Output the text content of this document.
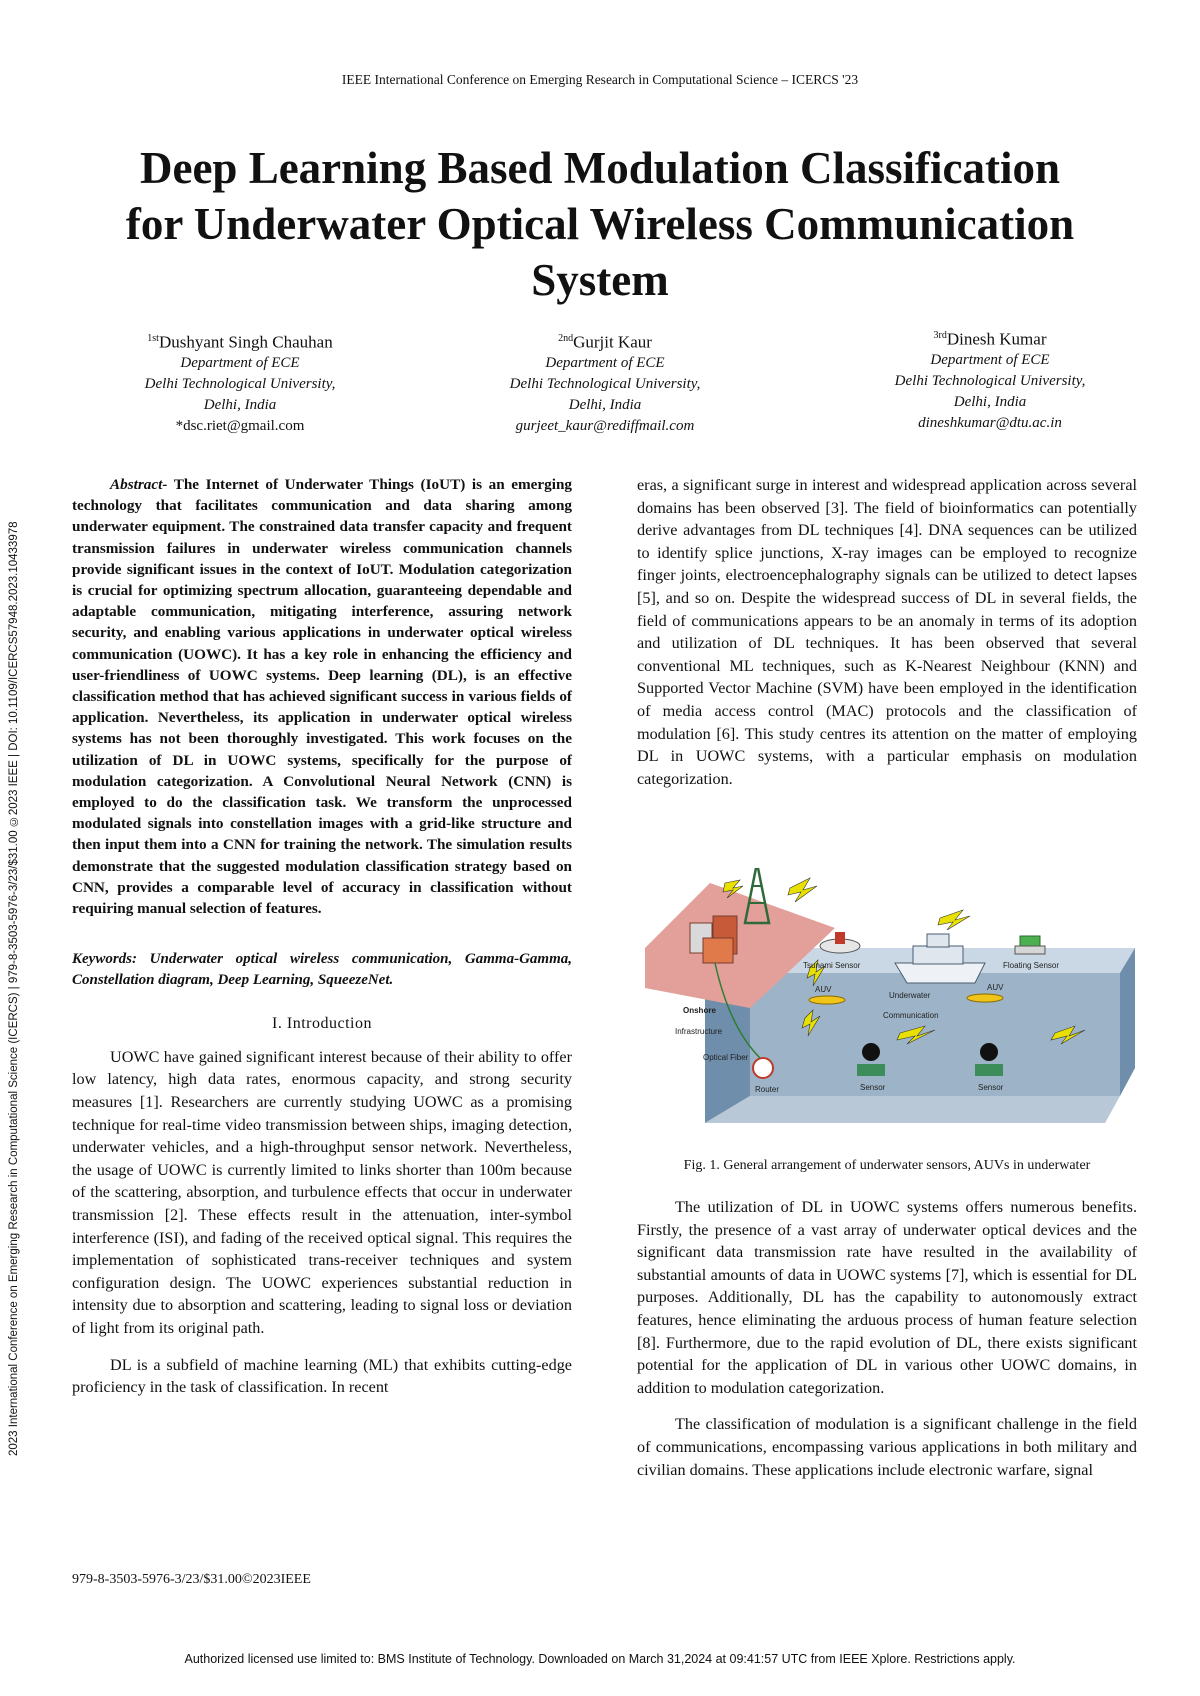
IEEE International Conference on Emerging Research in Computational Science – ICERCS '23
Deep Learning Based Modulation Classification
for Underwater Optical Wireless Communication
System
$^{1st}$Dushyant Singh Chauhan
Department of ECE
Delhi Technological University,
Delhi, India
*dsc.riet@gmail.com
$^{2nd}$Gurjit Kaur
Department of ECE
Delhi Technological University,
Delhi, India
gurjeet_kaur@rediffmail.com
$^{3rd}$Dinesh Kumar
Department of ECE
Delhi Technological University,
Delhi, India
dineshkumar@dtu.ac.in
2023 International Conference on Emerging Research in Computational Science (ICERCS) | 979-8-3503-5976-3/23/$31.00 ©2023 IEEE | DOI: 10.1109/ICERCS57948.2023.10433978

Abstract- The Internet of Underwater Things (IoUT) is an emerging technology that facilitates communication and data sharing among underwater equipment. The constrained data transfer capacity and frequent transmission failures in underwater wireless communication channels provide significant issues in the context of IoUT. Modulation categorization is crucial for optimizing spectrum allocation, guaranteeing dependable and adaptable communication, mitigating interference, assuring network security, and enabling various applications in underwater optical wireless communication (UOWC). It has a key role in enhancing the efficiency and user-friendliness of UOWC systems. Deep learning (DL), is an effective classification method that has achieved significant success in various fields of application. Nevertheless, its application in underwater optical wireless systems has not been thoroughly investigated. This work focuses on the utilization of DL in UOWC systems, specifically for the purpose of modulation categorization. A Convolutional Neural Network (CNN) is employed to do the classification task. We transform the unprocessed modulated signals into constellation images with a grid-like structure and then input them into a CNN for training the network. The simulation results demonstrate that the suggested modulation classification strategy based on CNN, provides a comparable level of accuracy in classification without requiring manual selection of features.

Keywords: Underwater optical wireless communication, Gamma-Gamma, Constellation diagram, Deep Learning, SqueezeNet.

I. Introduction

UOWC have gained significant interest because of their ability to offer low latency, high data rates, enormous capacity, and strong security measures [1]. Researchers are currently studying UOWC as a promising technique for real-time video transmission between ships, imaging detection, underwater vehicles, and a high-throughput sensor network. Nevertheless, the usage of UOWC is currently limited to links shorter than 100m because of the scattering, absorption, and turbulence effects that occur in underwater transmission [2]. These effects result in the attenuation, inter-symbol interference (ISI), and fading of the received optical signal. This requires the implementation of sophisticated trans-receiver techniques and system configuration design. The UOWC experiences substantial reduction in intensity due to absorption and scattering, leading to signal loss or deviation of light from its original path.

DL is a subfield of machine learning (ML) that exhibits cutting-edge proficiency in the task of classification. In recent

eras, a significant surge in interest and widespread application across several domains has been observed [3]. The field of bioinformatics can potentially derive advantages from DL techniques [4]. DNA sequences can be utilized to identify splice junctions, X-ray images can be employed to recognize finger joints, electroencephalography signals can be utilized to detect lapses [5], and so on. Despite the widespread success of DL in several fields, the field of communications appears to be an anomaly in terms of its adoption and utilization of DL techniques. It has been observed that several conventional ML techniques, such as K-Nearest Neighbour (KNN) and Supported Vector Machine (SVM) have been employed in the identification of media access control (MAC) protocols and the classification of modulation [6]. This study centres its attention on the matter of employing DL in UOWC systems, with a particular emphasis on modulation categorization.

Tsunami Sensor	Floating Sensor
Onshore
Infrastructure
Optical Fiber
Router
AUV	AUV
Underwater
Communication
Sensor	Sensor
Fig. 1. General arrangement of underwater sensors, AUVs in underwater

The utilization of DL in UOWC systems offers numerous benefits. Firstly, the presence of a vast array of underwater optical devices and the significant data transmission rate have resulted in the availability of substantial amounts of data in UOWC systems [7], which is essential for DL purposes. Additionally, DL has the capability to autonomously extract features, hence eliminating the arduous process of human feature selection [8]. Furthermore, due to the rapid evolution of DL, there exists significant potential for the application of DL in various other UOWC domains, in addition to modulation categorization.

The classification of modulation is a significant challenge in the field of communications, encompassing various applications in both military and civilian domains. These applications include electronic warfare, signal

979-8-3503-5976-3/23/$31.00©2023IEEE
Authorized licensed use limited to: BMS Institute of Technology. Downloaded on March 31,2024 at 09:41:57 UTC from IEEE Xplore. Restrictions apply.
